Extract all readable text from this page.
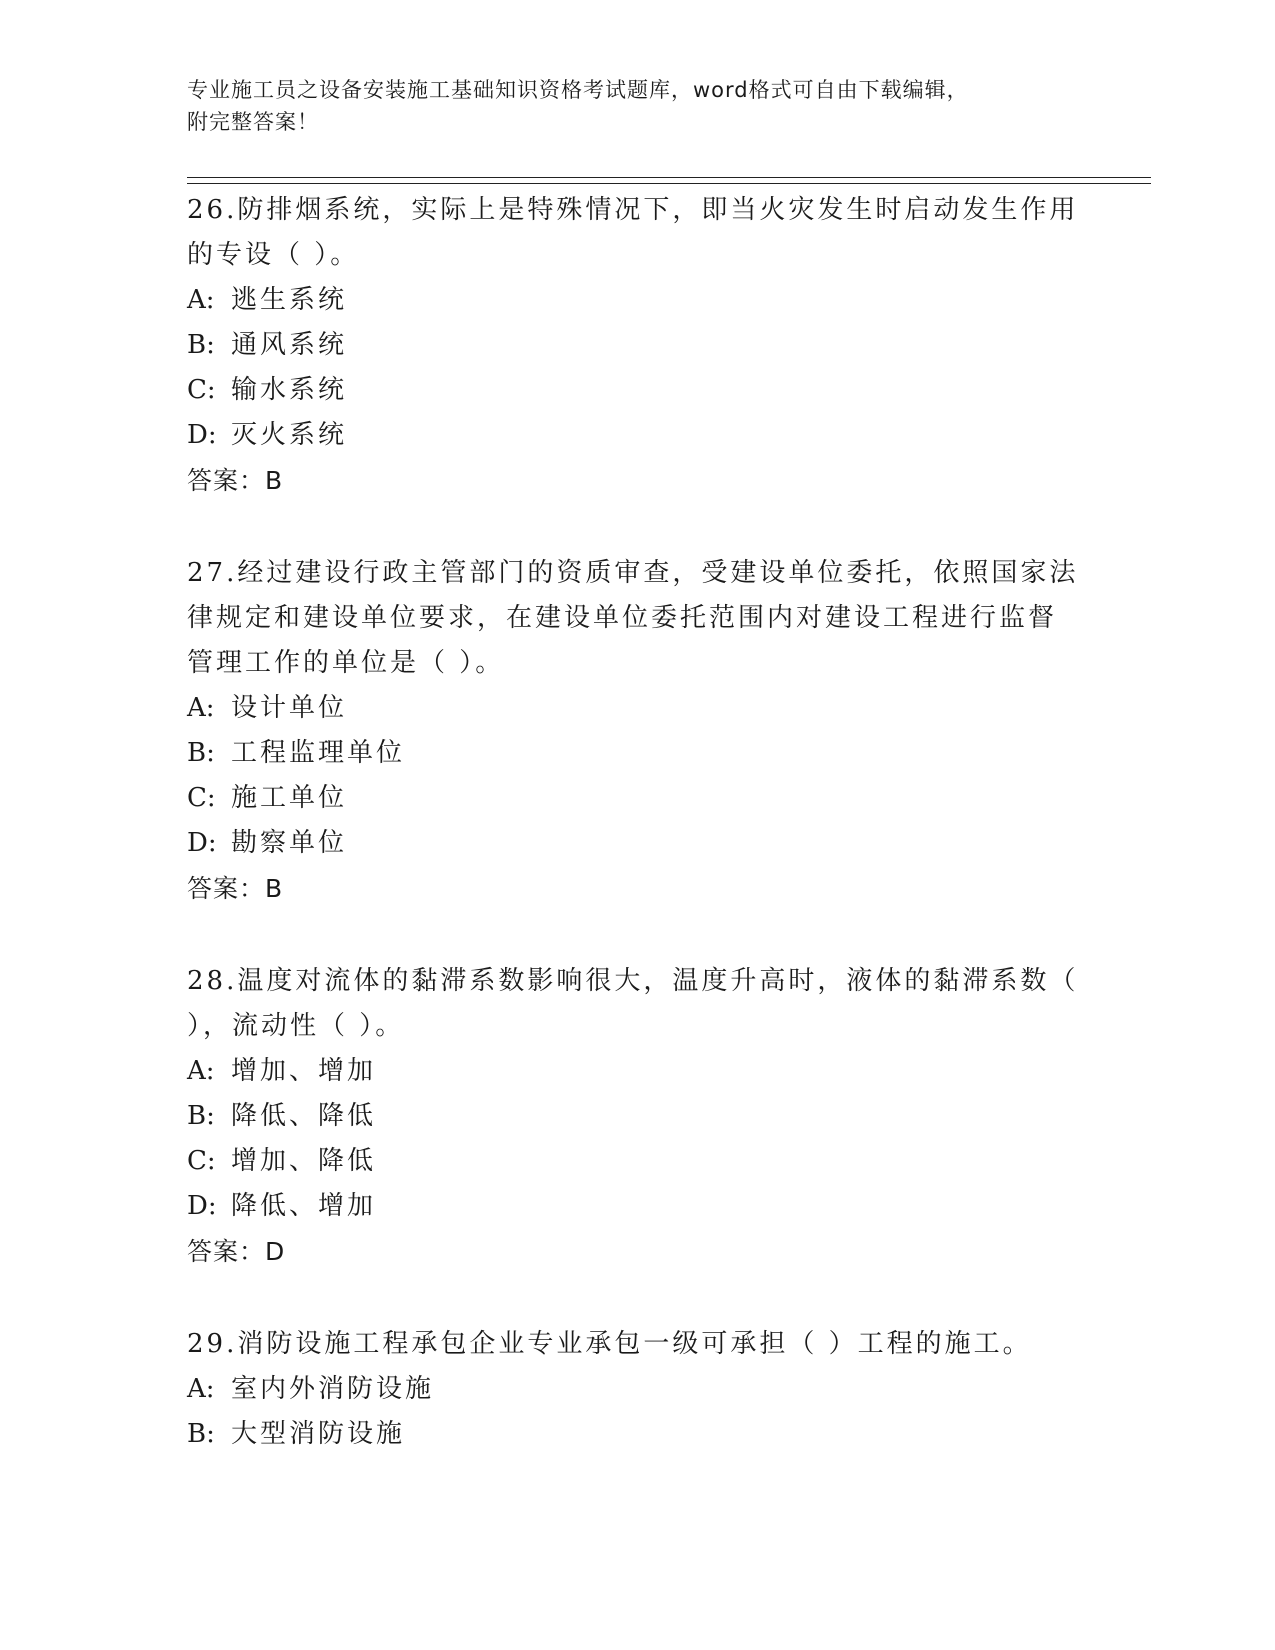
专业施工员之设备安装施工基础知识资格考试题库，word格式可自由下载编辑，
附完整答案！

26.防排烟系统，实际上是特殊情况下，即当火灾发生时启动发生作用

的专设（ ）。

A: 逃生系统

B: 通风系统

C: 输水系统

D: 灭火系统

答案：B

27.经过建设行政主管部门的资质审查，受建设单位委托，依照国家法

律规定和建设单位要求，在建设单位委托范围内对建设工程进行监督

管理工作的单位是（ ）。

A: 设计单位

B: 工程监理单位

C: 施工单位

D: 勘察单位

答案：B

28.温度对流体的黏滞系数影响很大，温度升高时，液体的黏滞系数（

），流动性（ ）。

A: 增加、增加

B: 降低、降低

C: 增加、降低

D: 降低、增加

答案：D

29.消防设施工程承包企业专业承包一级可承担（ ）工程的施工。

A: 室内外消防设施

B: 大型消防设施
